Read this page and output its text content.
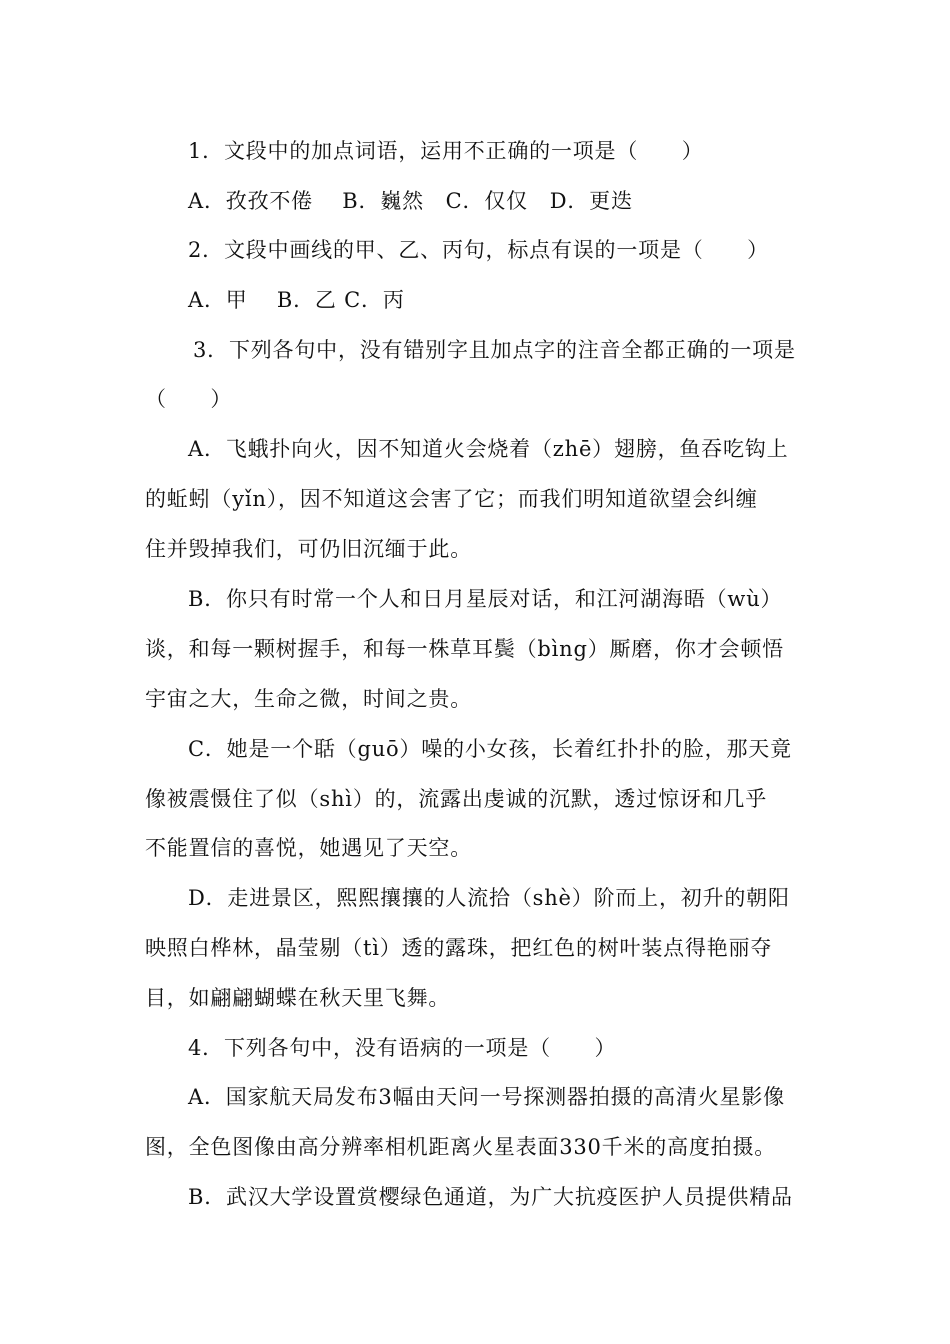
1．文段中的加点词语，运用不正确的一项是（　　）
A．孜孜不倦　 B．巍然　C．仅仅　D．更迭
2．文段中画线的甲、乙、丙句，标点有误的一项是（　　）
A．甲　 B．乙 C．丙
3．下列各句中，没有错别字且加点字的注音全都正确的一项是
（　　）
A．飞蛾扑向火，因不知道火会烧着（zhē）翅膀，鱼吞吃钩上
的蚯蚓（yǐn），因不知道这会害了它；而我们明知道欲望会纠缠
住并毁掉我们，可仍旧沉缅于此。
B．你只有时常一个人和日月星辰对话，和江河湖海晤（wù）
谈，和每一颗树握手，和每一株草耳鬓（bìng）厮磨，你才会顿悟
宇宙之大，生命之微，时间之贵。
C．她是一个聒（guō）噪的小女孩，长着红扑扑的脸，那天竟
像被震慑住了似（shì）的，流露出虔诚的沉默，透过惊讶和几乎
不能置信的喜悦，她遇见了天空。
D．走进景区，熙熙攘攘的人流拾（shè）阶而上，初升的朝阳
映照白桦林，晶莹剔（tì）透的露珠，把红色的树叶装点得艳丽夺
目，如翩翩蝴蝶在秋天里飞舞。
4．下列各句中，没有语病的一项是（　　）
A．国家航天局发布3幅由天问一号探测器拍摄的高清火星影像
图，全色图像由高分辨率相机距离火星表面330千米的高度拍摄。
B．武汉大学设置赏樱绿色通道，为广大抗疫医护人员提供精品
